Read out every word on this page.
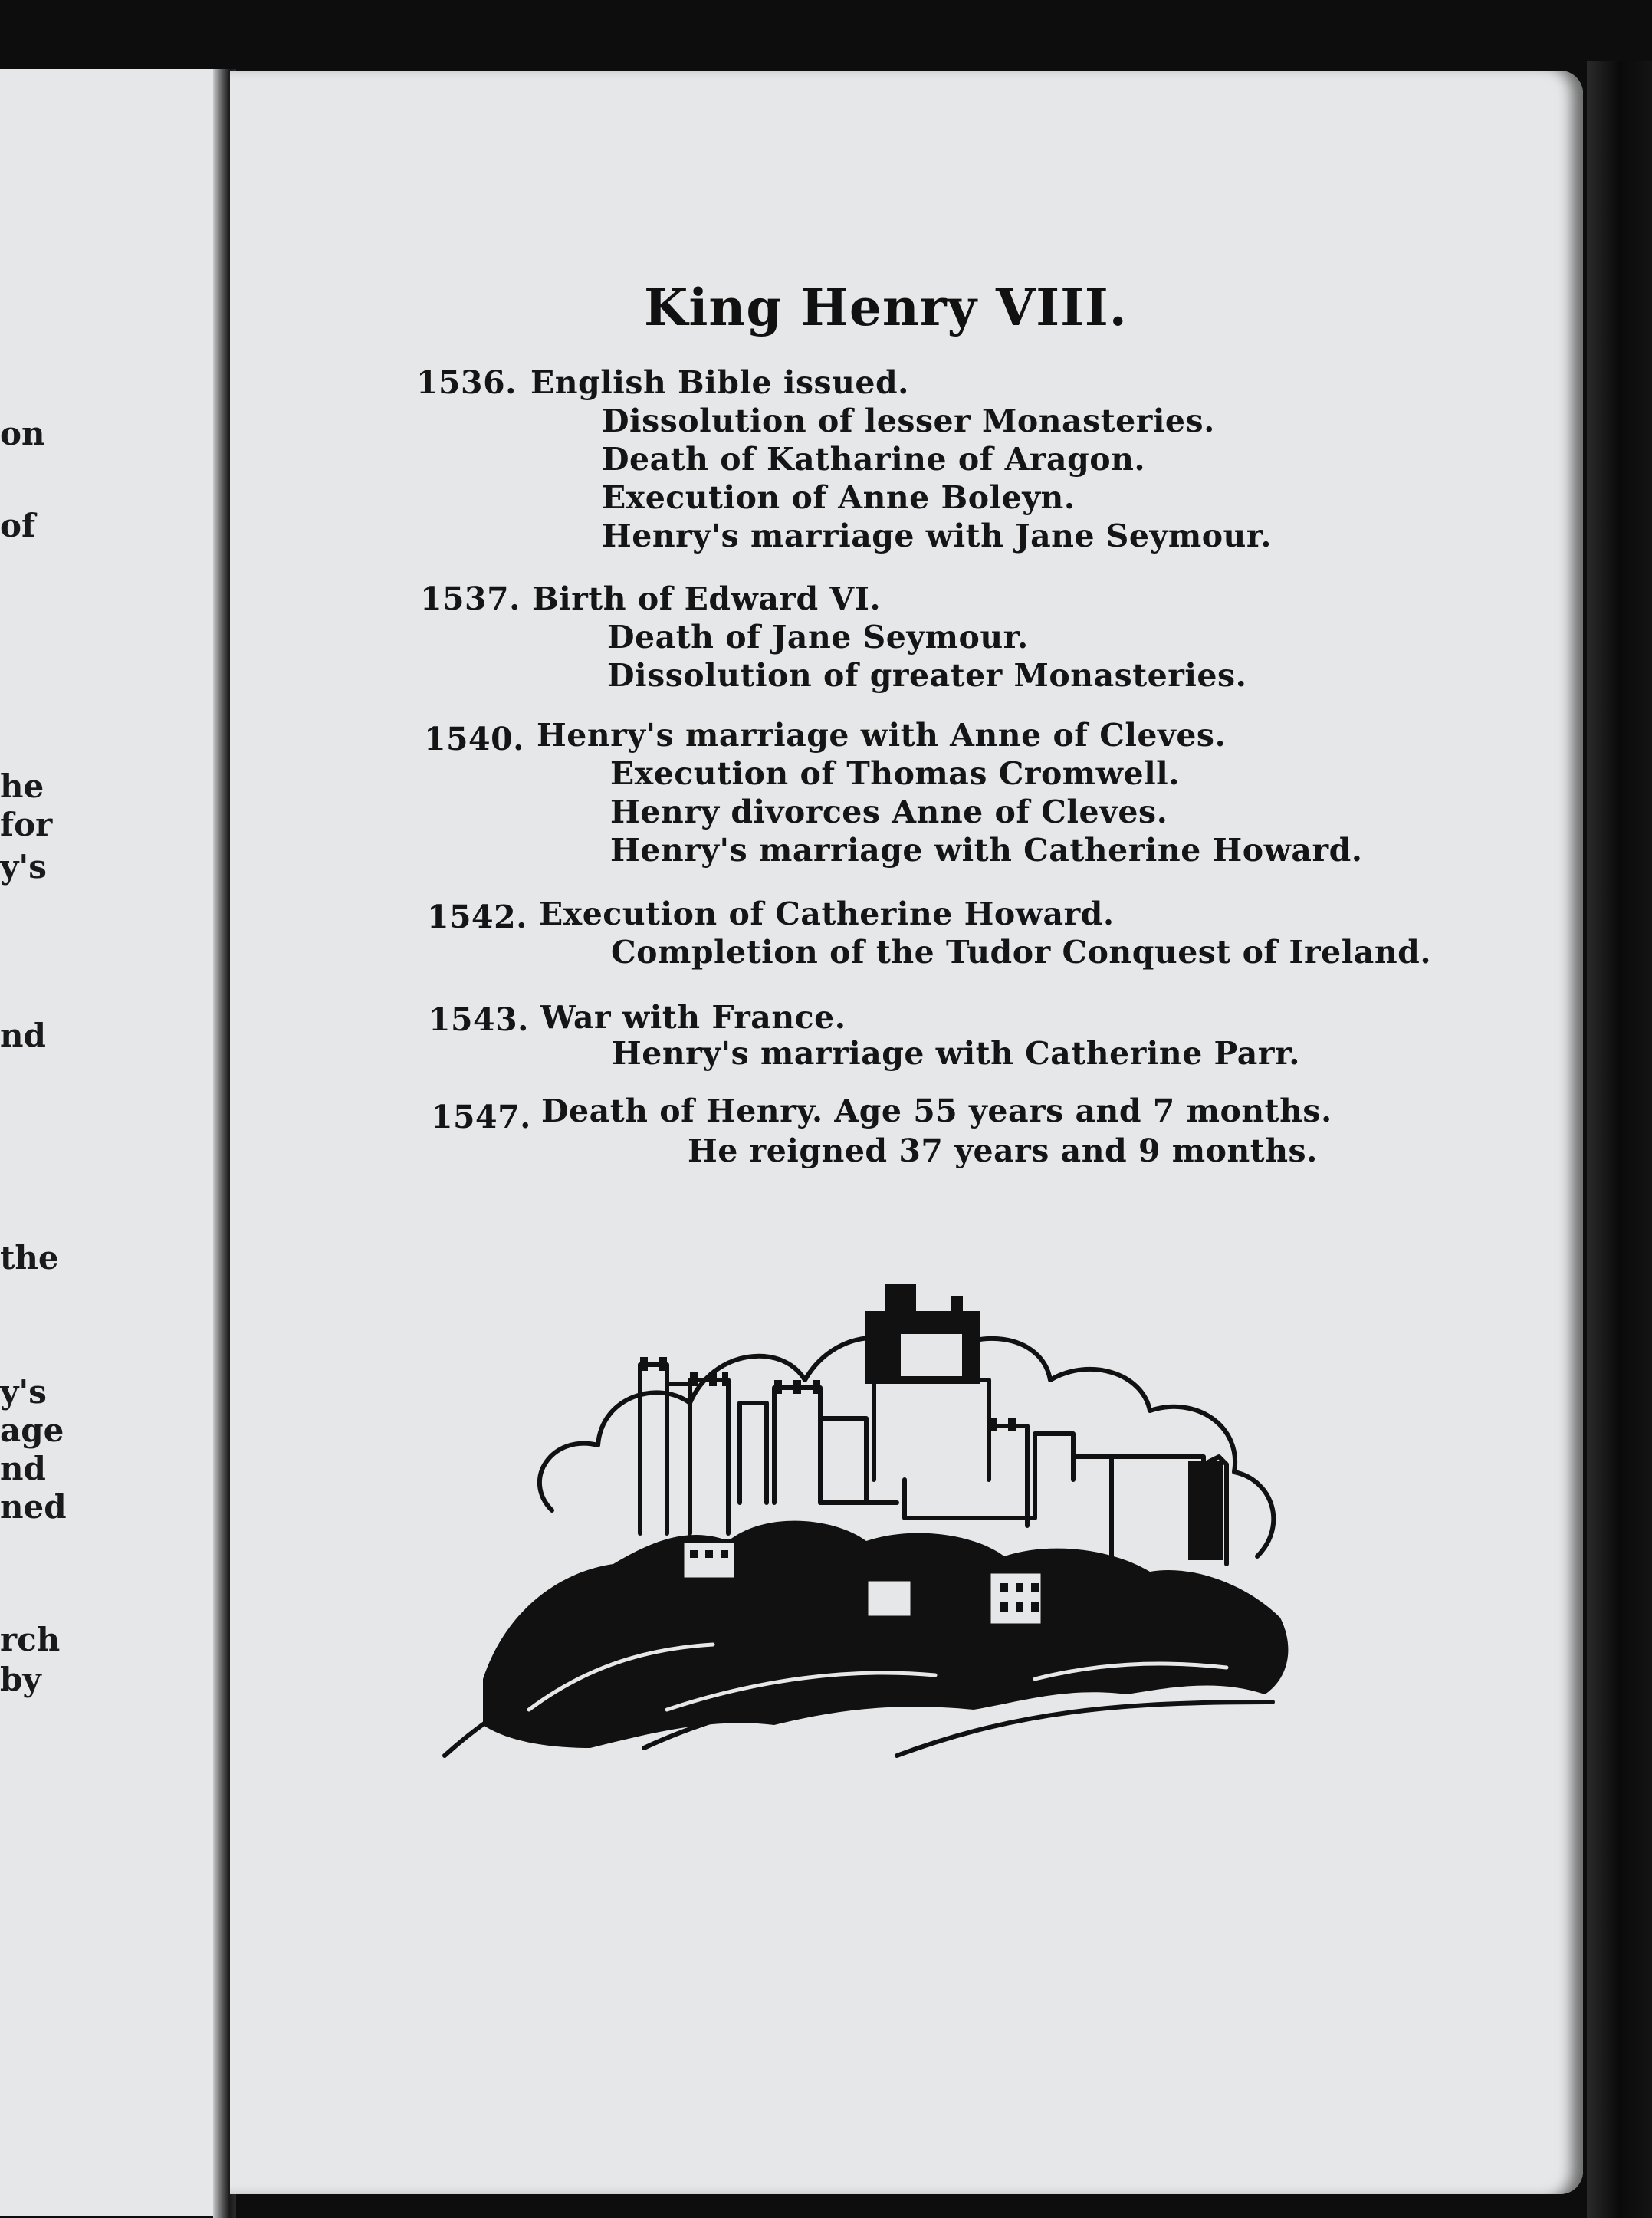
on
of
he
for
y's
nd
the
y's
age
nd
ned
rch
by
King Henry VIII.
1536. English Bible issued.
Dissolution of lesser Monasteries.
Death of Katharine of Aragon.
Execution of Anne Boleyn.
Henry's marriage with Jane Seymour.
1537. Birth of Edward VI.
Death of Jane Seymour.
Dissolution of greater Monasteries.
1540. Henry's marriage with Anne of Cleves.
Execution of Thomas Cromwell.
Henry divorces Anne of Cleves.
Henry's marriage with Catherine Howard.
1542. Execution of Catherine Howard.
Completion of the Tudor Conquest of Ireland.
1543. War with France.
Henry's marriage with Catherine Parr.
1547. Death of Henry. Age 55 years and 7 months.
He reigned 37 years and 9 months.
